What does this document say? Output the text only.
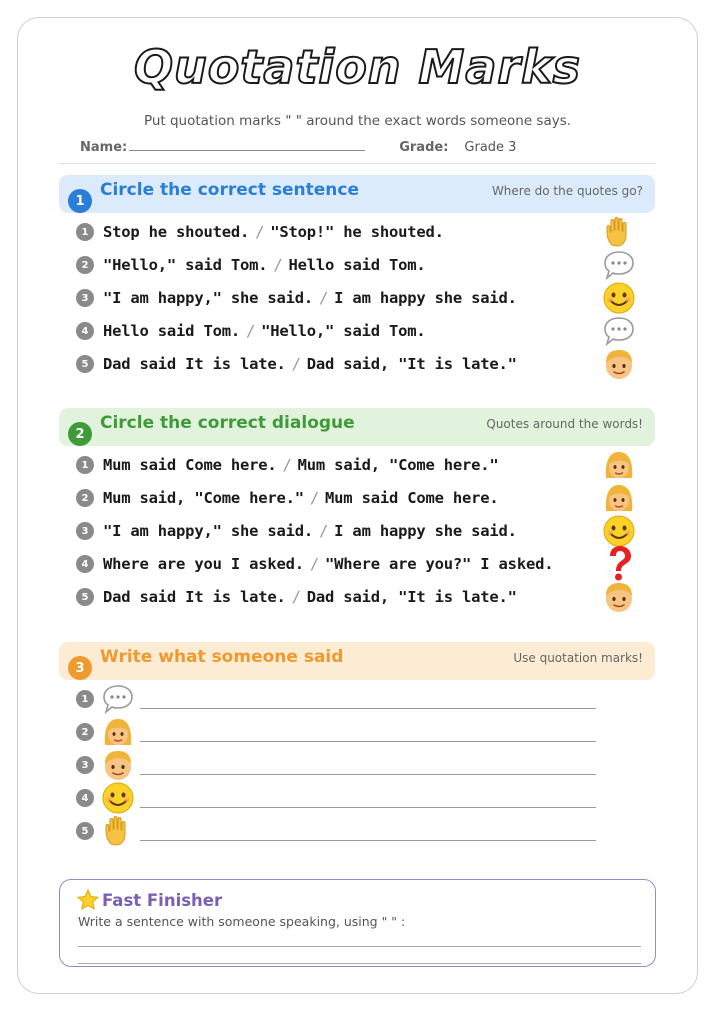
Quotation Marks
Put quotation marks " " around the exact words someone says.
Name:	Grade: Grade 3
1
Circle the correct sentence	Where do the quotes go?
1 Stop he shouted. / "Stop!" he shouted.
2 "Hello," said Tom. / Hello said Tom.
3 "I am happy," she said. / I am happy she said.
4 Hello said Tom. / "Hello," said Tom.
5 Dad said It is late. / Dad said, "It is late."
2
Circle the correct dialogue	Quotes around the words!
1 Mum said Come here. / Mum said, "Come here."
2 Mum said, "Come here." / Mum said Come here.
3 "I am happy," she said. / I am happy she said.
4 Where are you I asked. / "Where are you?" I asked.
5 Dad said It is late. / Dad said, "It is late."
3
Write what someone said	Use quotation marks!
1
2
3
4
5
Fast Finisher
Write a sentence with someone speaking, using " " :
